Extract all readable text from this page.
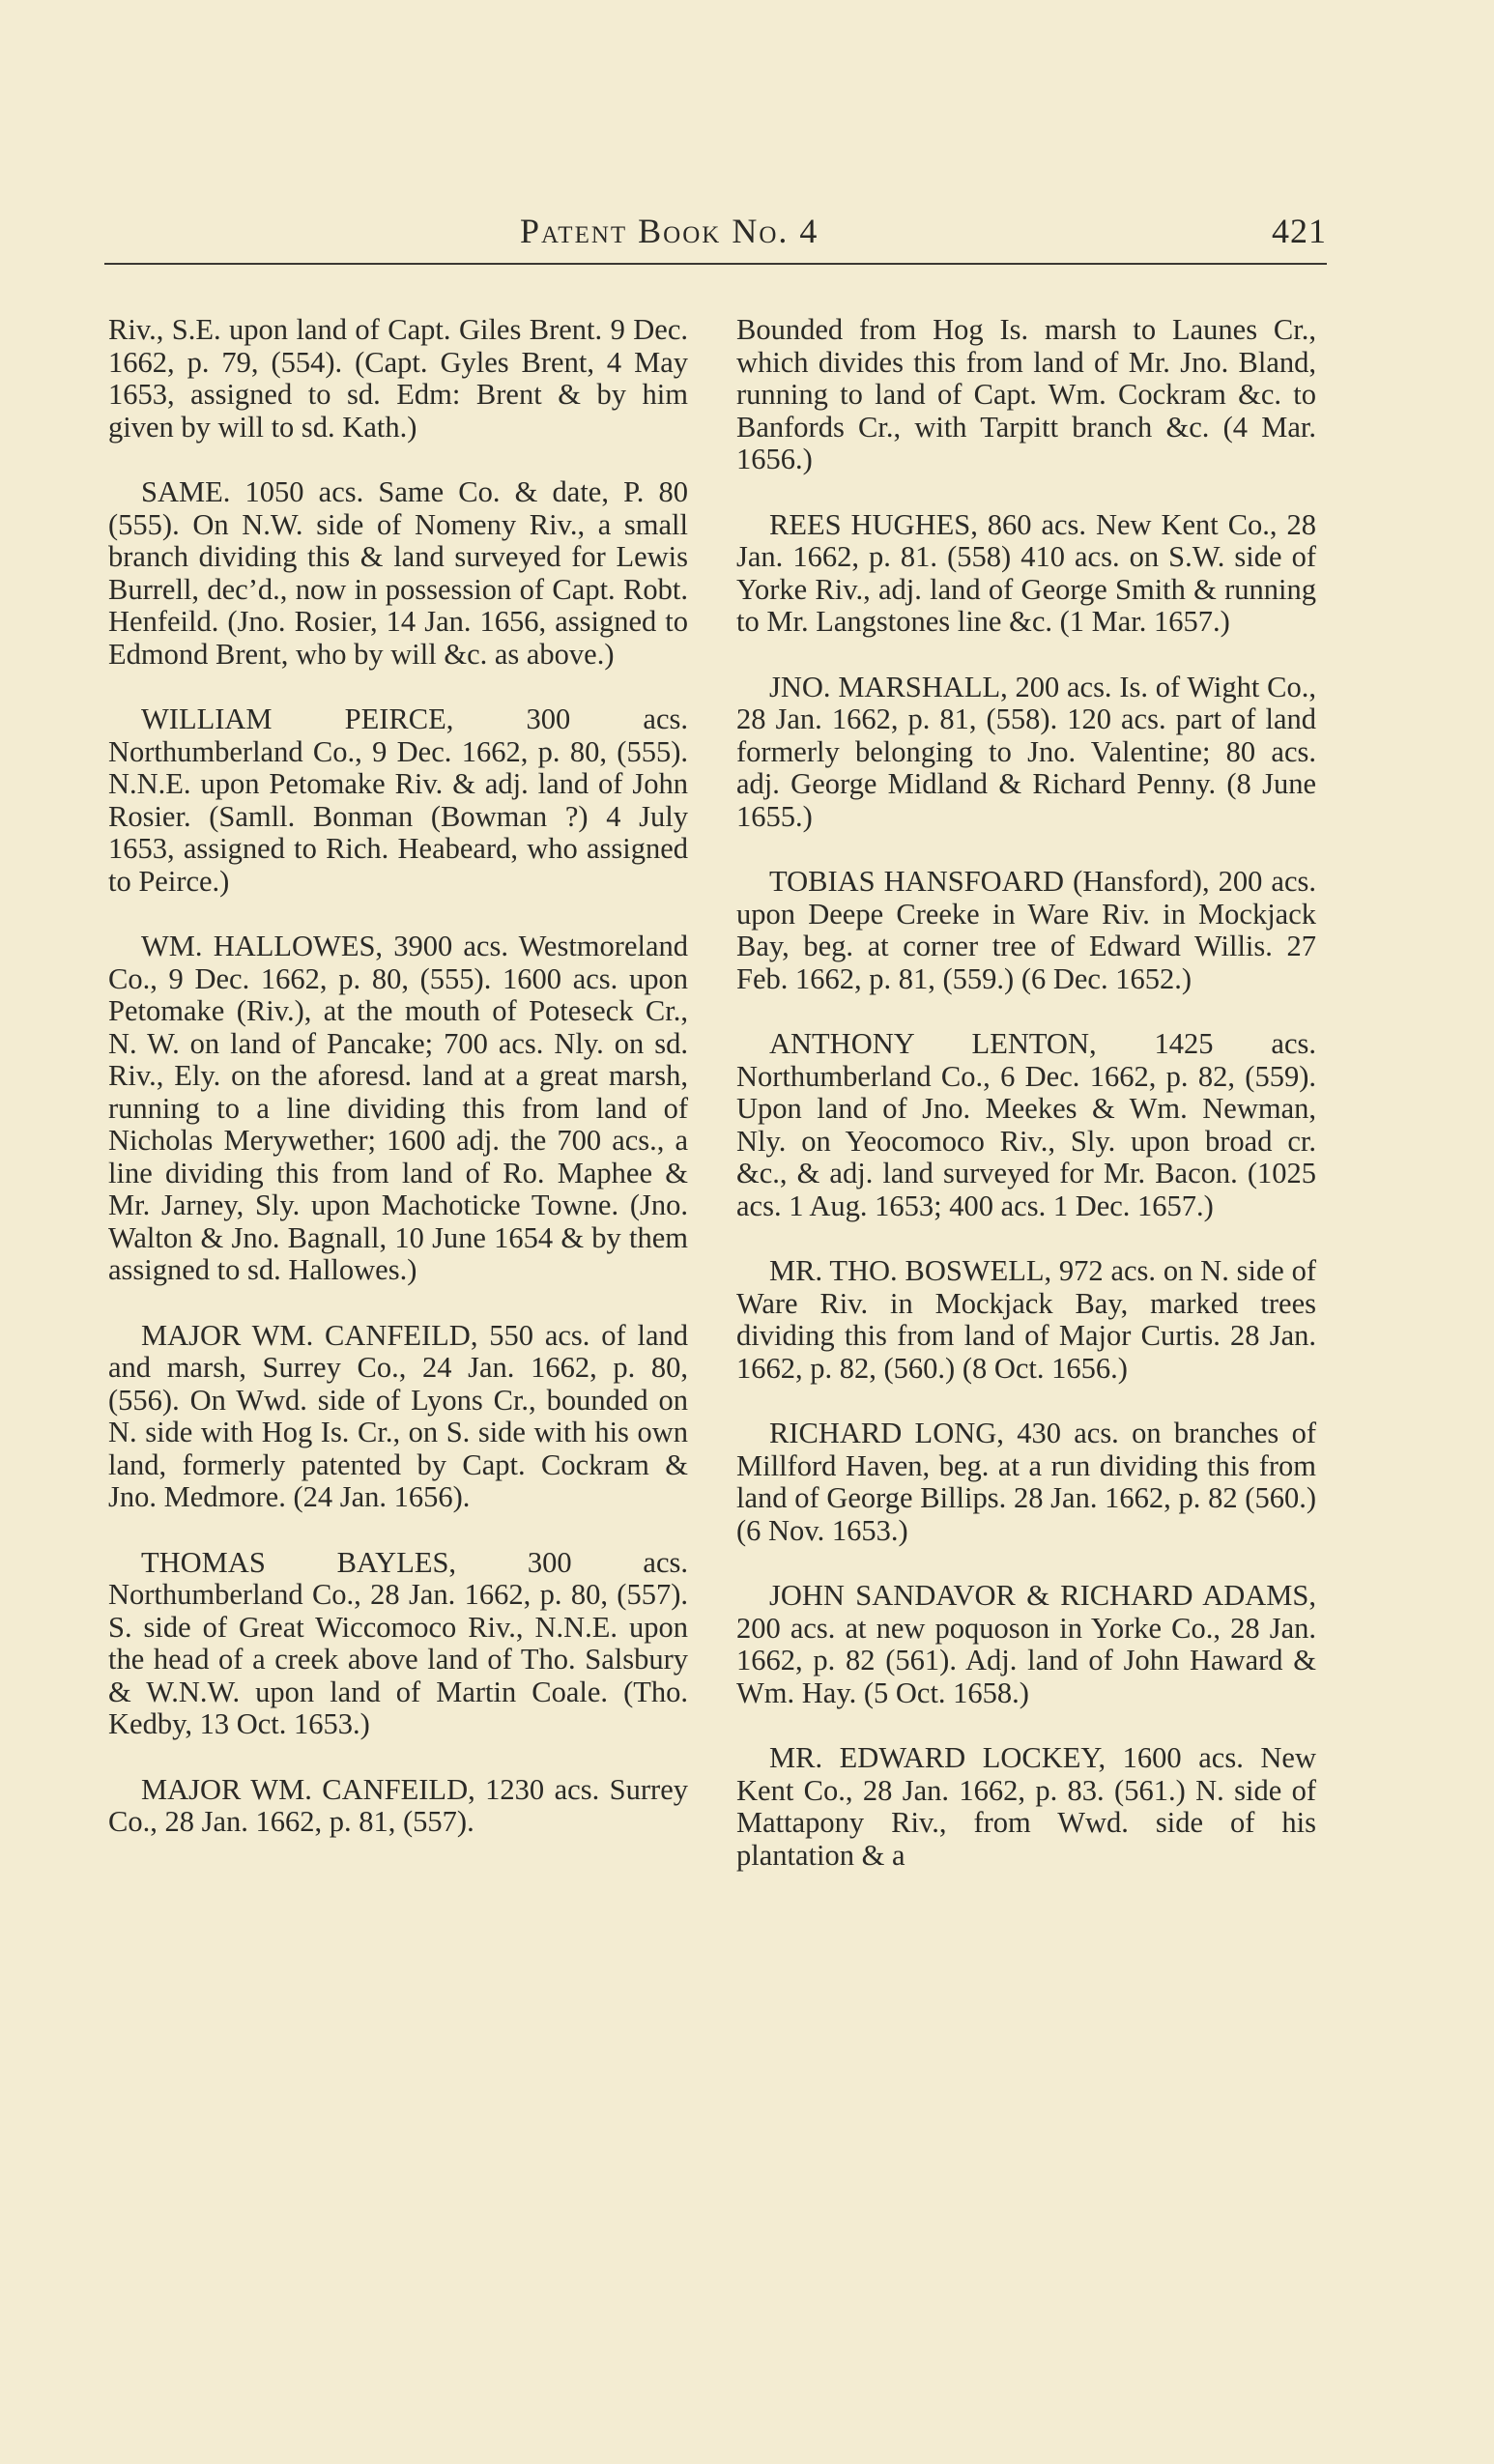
Patent Book No. 4	421

Riv., S.E. upon land of Capt. Giles Brent. 9 Dec. 1662, p. 79, (554). (Capt. Gyles Brent, 4 May 1653, assigned to sd. Edm: Brent & by him given by will to sd. Kath.)

SAME. 1050 acs. Same Co. & date, P. 80 (555). On N.W. side of Nomeny Riv., a small branch dividing this & land surveyed for Lewis Burrell, dec’d., now in possession of Capt. Robt. Henfeild. (Jno. Rosier, 14 Jan. 1656, assigned to Edmond Brent, who by will &c. as above.)

WILLIAM PEIRCE, 300 acs. Northumberland Co., 9 Dec. 1662, p. 80, (555). N.N.E. upon Petomake Riv. & adj. land of John Rosier. (Samll. Bonman (Bowman ?) 4 July 1653, assigned to Rich. Heabeard, who assigned to Peirce.)

WM. HALLOWES, 3900 acs. Westmoreland Co., 9 Dec. 1662, p. 80, (555). 1600 acs. upon Petomake (Riv.), at the mouth of Poteseck Cr., N. W. on land of Pancake; 700 acs. Nly. on sd. Riv., Ely. on the aforesd. land at a great marsh, running to a line dividing this from land of Nicholas Merywether; 1600 adj. the 700 acs., a line dividing this from land of Ro. Maphee & Mr. Jarney, Sly. upon Machoticke Towne. (Jno. Walton & Jno. Bagnall, 10 June 1654 & by them assigned to sd. Hallowes.)

MAJOR WM. CANFEILD, 550 acs. of land and marsh, Surrey Co., 24 Jan. 1662, p. 80, (556). On Wwd. side of Lyons Cr., bounded on N. side with Hog Is. Cr., on S. side with his own land, formerly patented by Capt. Cockram & Jno. Medmore. (24 Jan. 1656).

THOMAS BAYLES, 300 acs. Northumberland Co., 28 Jan. 1662, p. 80, (557). S. side of Great Wiccomoco Riv., N.N.E. upon the head of a creek above land of Tho. Salsbury & W.N.W. upon land of Martin Coale. (Tho. Kedby, 13 Oct. 1653.)

MAJOR WM. CANFEILD, 1230 acs. Surrey Co., 28 Jan. 1662, p. 81, (557).

Bounded from Hog Is. marsh to Launes Cr., which divides this from land of Mr. Jno. Bland, running to land of Capt. Wm. Cockram &c. to Banfords Cr., with Tarpitt branch &c. (4 Mar. 1656.)

REES HUGHES, 860 acs. New Kent Co., 28 Jan. 1662, p. 81. (558) 410 acs. on S.W. side of Yorke Riv., adj. land of George Smith & running to Mr. Langstones line &c. (1 Mar. 1657.)

JNO. MARSHALL, 200 acs. Is. of Wight Co., 28 Jan. 1662, p. 81, (558). 120 acs. part of land formerly belonging to Jno. Valentine; 80 acs. adj. George Midland & Richard Penny. (8 June 1655.)

TOBIAS HANSFOARD (Hansford), 200 acs. upon Deepe Creeke in Ware Riv. in Mockjack Bay, beg. at corner tree of Edward Willis. 27 Feb. 1662, p. 81, (559.) (6 Dec. 1652.)

ANTHONY LENTON, 1425 acs. Northumberland Co., 6 Dec. 1662, p. 82, (559). Upon land of Jno. Meekes & Wm. Newman, Nly. on Yeocomoco Riv., Sly. upon broad cr. &c., & adj. land surveyed for Mr. Bacon. (1025 acs. 1 Aug. 1653; 400 acs. 1 Dec. 1657.)

MR. THO. BOSWELL, 972 acs. on N. side of Ware Riv. in Mockjack Bay, marked trees dividing this from land of Major Curtis. 28 Jan. 1662, p. 82, (560.) (8 Oct. 1656.)

RICHARD LONG, 430 acs. on branches of Millford Haven, beg. at a run dividing this from land of George Billips. 28 Jan. 1662, p. 82 (560.) (6 Nov. 1653.)

JOHN SANDAVOR & RICHARD ADAMS, 200 acs. at new poquoson in Yorke Co., 28 Jan. 1662, p. 82 (561). Adj. land of John Haward & Wm. Hay. (5 Oct. 1658.)

MR. EDWARD LOCKEY, 1600 acs. New Kent Co., 28 Jan. 1662, p. 83. (561.) N. side of Mattapony Riv., from Wwd. side of his plantation & a
